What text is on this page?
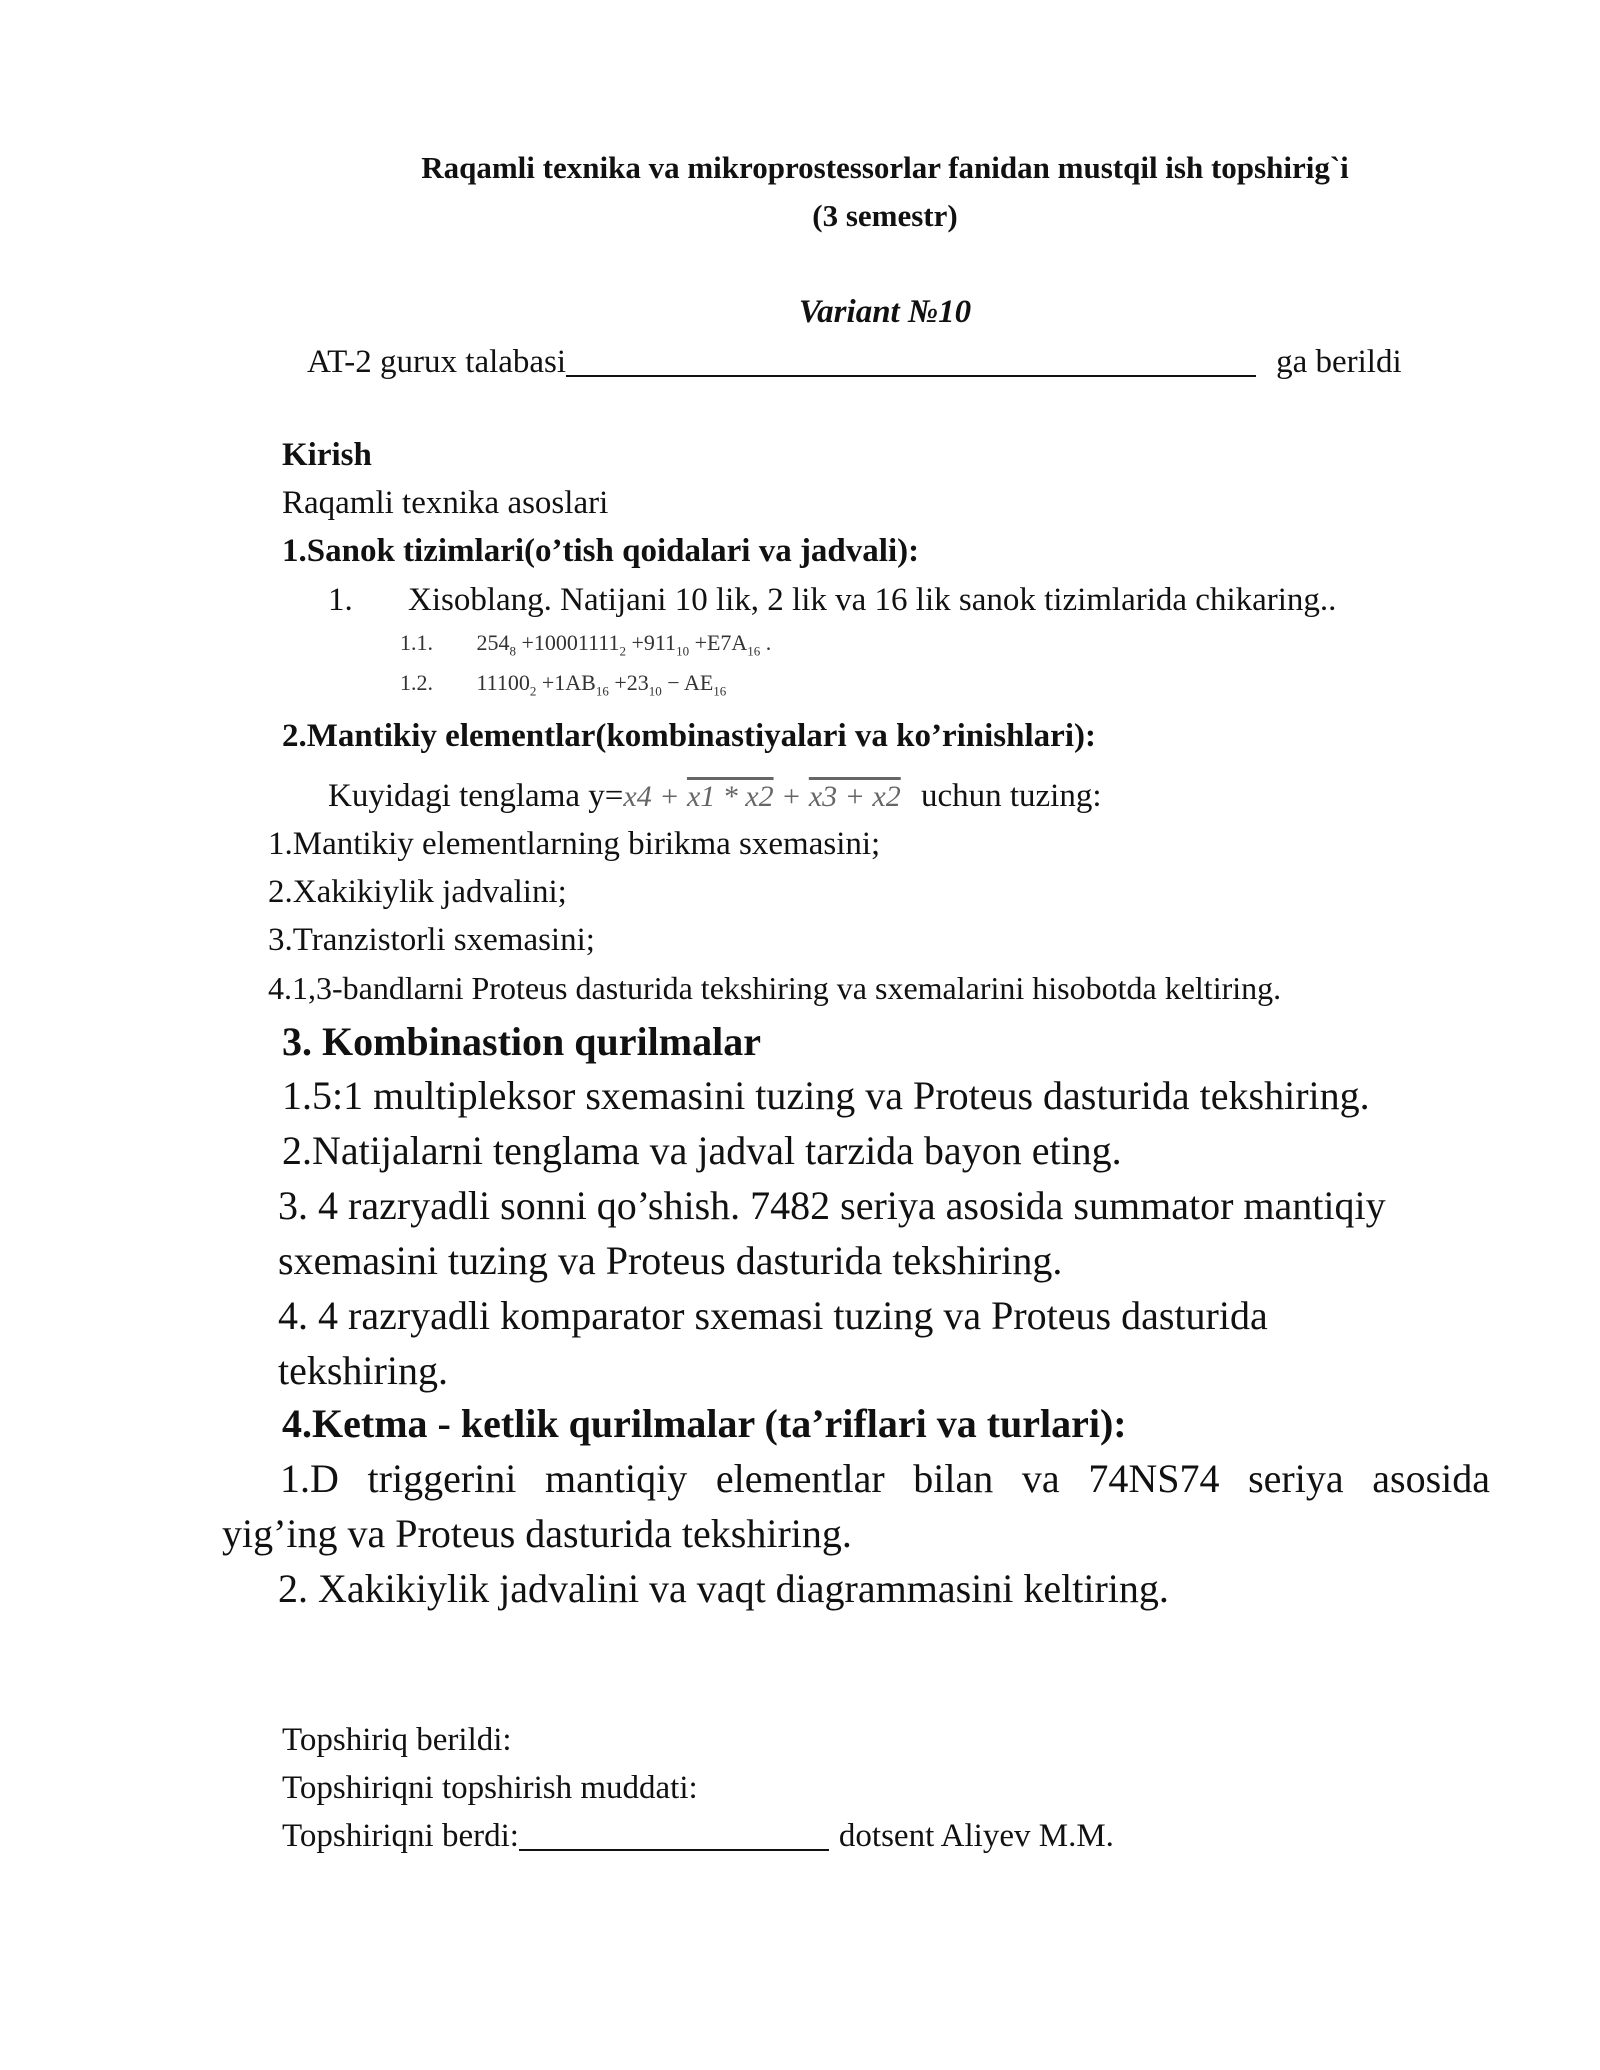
Raqamli texnika va mikroprostessorlar fanidan mustqil ish topshirig`i
(3 semestr)
Variant №10
AT-2 gurux talabasi	ga berildi
Kirish
Raqamli texnika asoslari
1.Sanok tizimlari(o’tish qoidalari va jadvali):
1. Xisoblang. Natijani 10 lik, 2 lik va 16 lik sanok tizimlarida chikaring..
1.1. $254_8 +10001111_2 +911_{10} +E7A_{16}$ .
1.2. $11100_2 +1AB_{16} +23_{10} - AE_{16}$
2.Mantikiy elementlar(kombinastiyalari va ko’rinishlari):
Kuyidagi tenglama y=x4 + x1 * x2 + x3 + x2 uchun tuzing:
1.Mantikiy elementlarning birikma sxemasini;
2.Xakikiylik jadvalini;
3.Tranzistorli sxemasini;
4.1,3-bandlarni Proteus dasturida tekshiring va sxemalarini hisobotda keltiring.
3. Kombinastion qurilmalar
1.5:1 multipleksor sxemasini tuzing va Proteus dasturida tekshiring.
2.Natijalarni tenglama va jadval tarzida bayon eting.
3. 4 razryadli sonni qo’shish. 7482 seriya asosida summator mantiqiy
sxemasini tuzing va Proteus dasturida tekshiring.
4. 4 razryadli komparator sxemasi tuzing va Proteus dasturida
tekshiring.
4.Ketma - ketlik qurilmalar (ta’riflari va turlari):
1.D triggerini mantiqiy elementlar bilan va 74NS74 seriya asosida
yig’ing va Proteus dasturida tekshiring.
2. Xakikiylik jadvalini va vaqt diagrammasini keltiring.
Topshiriq berildi:
Topshiriqni topshirish muddati:
Topshiriqni berdi:	dotsent Aliyev M.M.
